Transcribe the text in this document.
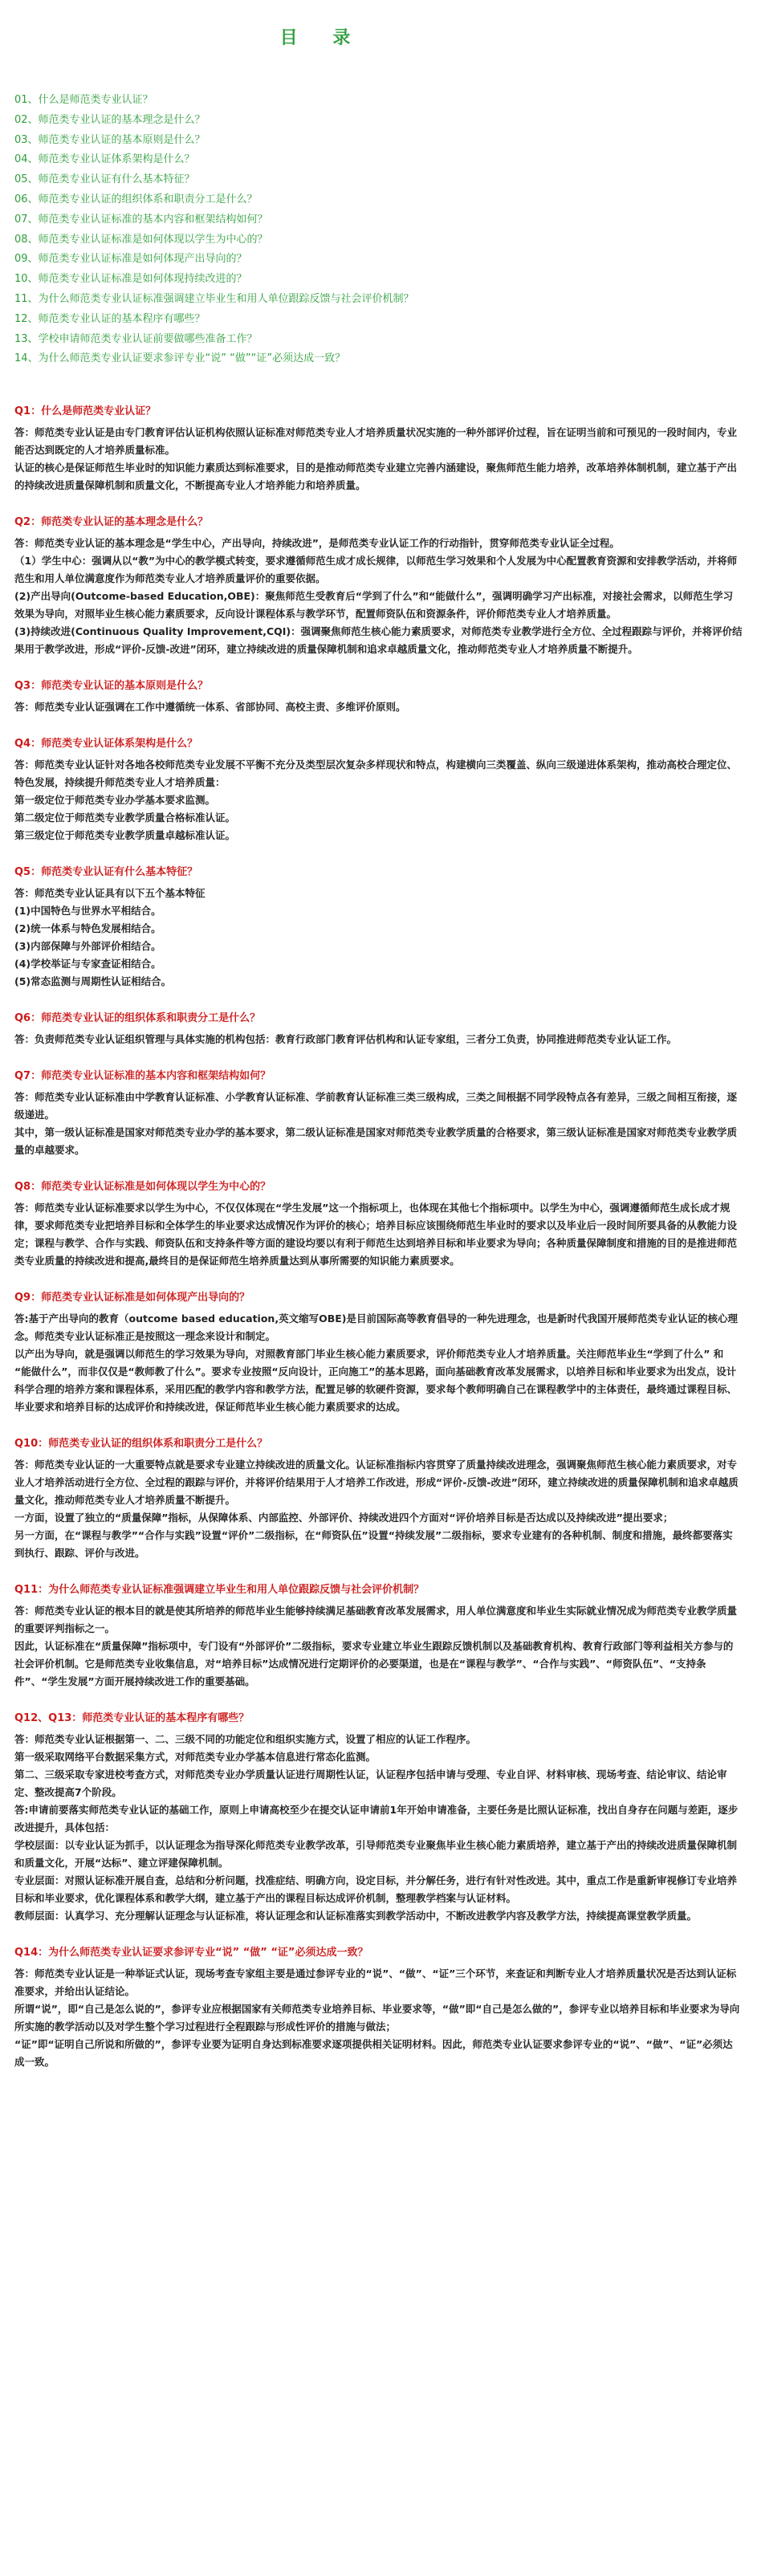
目 录
01、什么是师范类专业认证？
02、师范类专业认证的基本理念是什么？
03、师范类专业认证的基本原则是什么？
04、师范类专业认证体系架构是什么？
05、师范类专业认证有什么基本特征？
06、师范类专业认证的组织体系和职责分工是什么？
07、师范类专业认证标准的基本内容和框架结构如何？
08、师范类专业认证标准是如何体现以学生为中心的？
09、师范类专业认证标准是如何体现产出导向的？
10、师范类专业认证标准是如何体现持续改进的？
11、为什么师范类专业认证标准强调建立毕业生和用人单位跟踪反馈与社会评价机制？
12、师范类专业认证的基本程序有哪些？
13、学校申请师范类专业认证前要做哪些准备工作？
14、为什么师范类专业认证要求参评专业“说” “做”“证”必须达成一致？
Q1：什么是师范类专业认证？

答：师范类专业认证是由专门教育评估认证机构依照认证标准对师范类专业人才培养质量状况实施的一种外部评价过程，旨在证明当前和可预见的一段时间内，专业能否达到既定的人才培养质量标准。

认证的核心是保证师范生毕业时的知识能力素质达到标准要求，目的是推动师范类专业建立完善内涵建设，聚焦师范生能力培养，改革培养体制机制，建立基于产出的持续改进质量保障机制和质量文化，不断提高专业人才培养能力和培养质量。

Q2：师范类专业认证的基本理念是什么？

答：师范类专业认证的基本理念是“学生中心，产出导向，持续改进”，是师范类专业认证工作的行动指针，贯穿师范类专业认证全过程。

（1）学生中心：强调从以“教”为中心的教学模式转变，要求遵循师范生成才成长规律，以师范生学习效果和个人发展为中心配置教育资源和安排教学活动，并将师范生和用人单位满意度作为师范类专业人才培养质量评价的重要依据。

(2)产出导向(Outcome-based Education,OBE)：聚焦师范生受教育后“学到了什么”和“能做什么”，强调明确学习产出标准，对接社会需求，以师范生学习效果为导向，对照毕业生核心能力素质要求，反向设计课程体系与教学环节，配置师资队伍和资源条件，评价师范类专业人才培养质量。

(3)持续改进(Continuous Quality Improvement,CQI)：强调聚焦师范生核心能力素质要求，对师范类专业教学进行全方位、全过程跟踪与评价，并将评价结果用于教学改进，形成“评价-反馈-改进”闭环，建立持续改进的质量保障机制和追求卓越质量文化，推动师范类专业人才培养质量不断提升。

Q3：师范类专业认证的基本原则是什么？

答：师范类专业认证强调在工作中遵循统一体系、省部协同、高校主责、多维评价原则。

Q4：师范类专业认证体系架构是什么？

答：师范类专业认证针对各地各校师范类专业发展不平衡不充分及类型层次复杂多样现状和特点，构建横向三类覆盖、纵向三级递进体系架构，推动高校合理定位、特色发展，持续提升师范类专业人才培养质量：

第一级定位于师范类专业办学基本要求监测。

第二级定位于师范类专业教学质量合格标准认证。

第三级定位于师范类专业教学质量卓越标准认证。

Q5：师范类专业认证有什么基本特征？

答：师范类专业认证具有以下五个基本特征

(1)中国特色与世界水平相结合。

(2)统一体系与特色发展相结合。

(3)内部保障与外部评价相结合。

(4)学校举证与专家查证相结合。

(5)常态监测与周期性认证相结合。

Q6：师范类专业认证的组织体系和职责分工是什么？

答：负责师范类专业认证组织管理与具体实施的机构包括：教育行政部门教育评估机构和认证专家组，三者分工负责，协同推进师范类专业认证工作。

Q7：师范类专业认证标准的基本内容和框架结构如何？

答：师范类专业认证标准由中学教育认证标准、小学教育认证标准、学前教育认证标准三类三级构成，三类之间根据不同学段特点各有差异，三级之间相互衔接，逐级递进。

其中，第一级认证标准是国家对师范类专业办学的基本要求，第二级认证标准是国家对师范类专业教学质量的合格要求，第三级认证标准是国家对师范类专业教学质量的卓越要求。

Q8：师范类专业认证标准是如何体现以学生为中心的？

答：师范类专业认证标准要求以学生为中心，不仅仅体现在“学生发展”这一个指标项上，也体现在其他七个指标项中。以学生为中心，强调遵循师范生成长成才规律，要求师范类专业把培养目标和全体学生的毕业要求达成情况作为评价的核心；培养目标应该围绕师范生毕业时的要求以及毕业后一段时间所要具备的从教能力设定；课程与教学、合作与实践、师资队伍和支持条件等方面的建设均要以有利于师范生达到培养目标和毕业要求为导向；各种质量保障制度和措施的目的是推进师范类专业质量的持续改进和提高,最终目的是保证师范生培养质量达到从事所需要的知识能力素质要求。

Q9：师范类专业认证标准是如何体现产出导向的？

答:基于产出导向的教育（outcome based education,英文缩写OBE)是目前国际高等教育倡导的一种先进理念，也是新时代我国开展师范类专业认证的核心理念。师范类专业认证标准正是按照这一理念来设计和制定。

以产出为导向，就是强调以师范生的学习效果为导向，对照教育部门毕业生核心能力素质要求，评价师范类专业人才培养质量。关注师范毕业生“学到了什么” 和 “能做什么”，而非仅仅是“教师教了什么”。要求专业按照“反向设计，正向施工”的基本思路，面向基础教育改革发展需求，以培养目标和毕业要求为出发点，设计科学合理的培养方案和课程体系，采用匹配的教学内容和教学方法，配置足够的软硬件资源，要求每个教师明确自己在课程教学中的主体责任，最终通过课程目标、毕业要求和培养目标的达成评价和持续改进，保证师范毕业生核心能力素质要求的达成。

Q10：师范类专业认证的组织体系和职责分工是什么？

答：师范类专业认证的一大重要特点就是要求专业建立持续改进的质量文化。认证标准指标内容贯穿了质量持续改进理念，强调聚焦师范生核心能力素质要求，对专业人才培养活动进行全方位、全过程的跟踪与评价，并将评价结果用于人才培养工作改进，形成“评价-反馈-改进”闭环，建立持续改进的质量保障机制和追求卓越质量文化，推动师范类专业人才培养质量不断提升。

一方面，设置了独立的“质量保障”指标，从保障体系、内部监控、外部评价、持续改进四个方面对“评价培养目标是否达成以及持续改进”提出要求；

另一方面，在“课程与教学”“合作与实践”设置“评价”二级指标，在“师资队伍”设置“持续发展”二级指标，要求专业建有的各种机制、制度和措施，最终都要落实到执行、跟踪、评价与改进。

Q11：为什么师范类专业认证标准强调建立毕业生和用人单位跟踪反馈与社会评价机制？

答：师范类专业认证的根本目的就是使其所培养的师范毕业生能够持续满足基础教育改革发展需求，用人单位满意度和毕业生实际就业情况成为师范类专业教学质量的重要评判指标之一。

因此，认证标准在“质量保障”指标项中，专门设有“外部评价”二级指标，要求专业建立毕业生跟踪反馈机制以及基础教育机构、教育行政部门等利益相关方参与的社会评价机制。它是师范类专业收集信息，对“培养目标”达成情况进行定期评价的必要渠道，也是在“课程与教学”、“合作与实践”、“师资队伍”、“支持条件”、“学生发展”方面开展持续改进工作的重要基础。

Q12、Q13：师范类专业认证的基本程序有哪些？

答：师范类专业认证根据第一、二、三级不同的功能定位和组织实施方式，设置了相应的认证工作程序。

第一级采取网络平台数据采集方式，对师范类专业办学基本信息进行常态化监测。

第二、三级采取专家进校考查方式，对师范类专业办学质量认证进行周期性认证，认证程序包括申请与受理、专业自评、材料审核、现场考查、结论审议、结论审定、整改提高7个阶段。

答:申请前要落实师范类专业认证的基础工作，原则上申请高校至少在提交认证申请前1年开始申请准备，主要任务是比照认证标准，找出自身存在问题与差距，逐步改进提升，具体包括：

学校层面：以专业认证为抓手，以认证理念为指导深化师范类专业教学改革，引导师范类专业聚焦毕业生核心能力素质培养，建立基于产出的持续改进质量保障机制和质量文化，开展“达标”、建立评建保障机制。

专业层面：对照认证标准开展自查，总结和分析问题，找准症结、明确方向，设定目标，并分解任务，进行有针对性改进。其中，重点工作是重新审视修订专业培养目标和毕业要求，优化课程体系和教学大纲，建立基于产出的课程目标达成评价机制，整理教学档案与认证材料。

教师层面：认真学习、充分理解认证理念与认证标准，将认证理念和认证标准落实到教学活动中，不断改进教学内容及教学方法，持续提高课堂教学质量。

Q14：为什么师范类专业认证要求参评专业“说” “做” “证”必须达成一致？

答：师范类专业认证是一种举证式认证，现场考查专家组主要是通过参评专业的“说”、“做”、“证”三个环节，来查证和判断专业人才培养质量状况是否达到认证标准要求，并给出认证结论。

所谓“说”，即“自己是怎么说的”，参评专业应根据国家有关师范类专业培养目标、毕业要求等，“做”即“自己是怎么做的”，参评专业以培养目标和毕业要求为导向所实施的教学活动以及对学生整个学习过程进行全程跟踪与形成性评价的措施与做法；

“证”即“证明自己所说和所做的”，参评专业要为证明自身达到标准要求逐项提供相关证明材料。因此，师范类专业认证要求参评专业的“说”、“做”、“证”必须达成一致。
